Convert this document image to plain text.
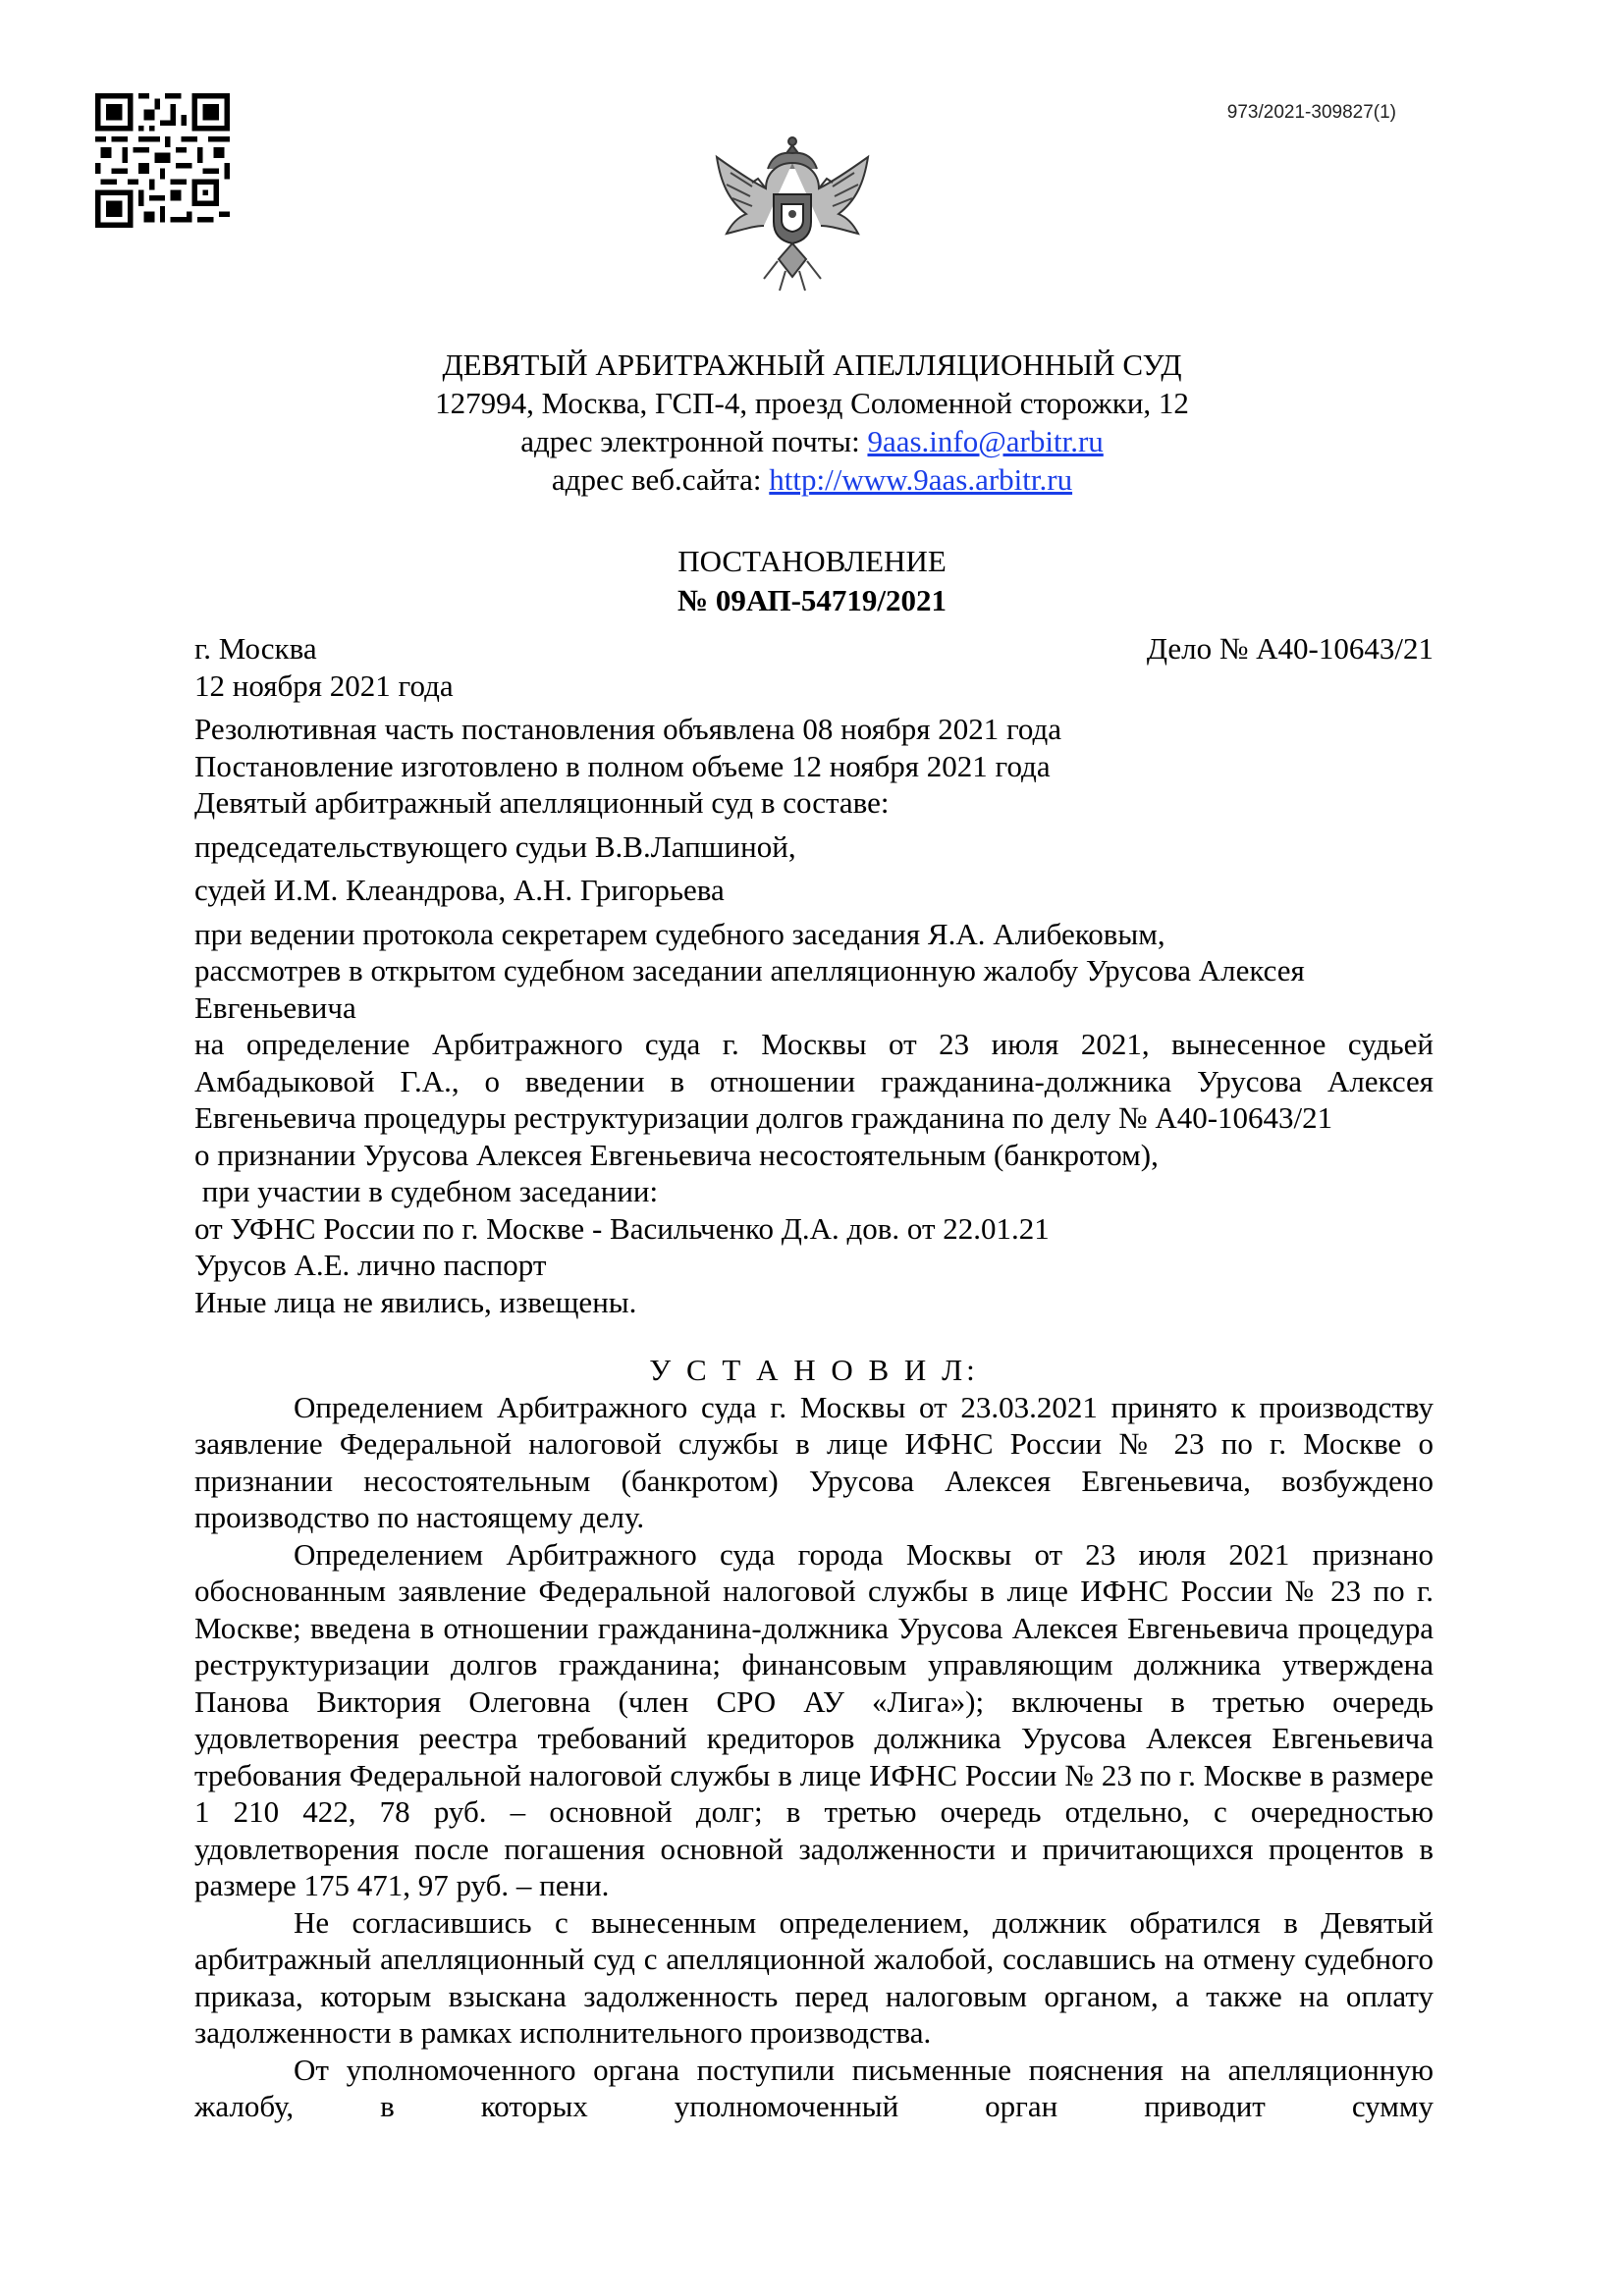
973/2021-309827(1)
ДЕВЯТЫЙ АРБИТРАЖНЫЙ АПЕЛЛЯЦИОННЫЙ СУД
127994, Москва, ГСП-4, проезд Соломенной сторожки, 12
адрес электронной почты: 9aas.info@arbitr.ru
адрес веб.сайта: http://www.9aas.arbitr.ru
ПОСТАНОВЛЕНИЕ
№ 09АП-54719/2021
г. Москва	Дело № А40-10643/21
12 ноября 2021 года
Резолютивная часть постановления объявлена 08 ноября 2021 года
Постановление изготовлено в полном объеме 12 ноября 2021 года
Девятый арбитражный апелляционный суд в составе:
председательствующего судьи В.В.Лапшиной,
судей И.М. Клеандрова, А.Н. Григорьева
при ведении протокола секретарем судебного заседания Я.А. Алибековым,
рассмотрев в открытом судебном заседании апелляционную жалобу Урусова Алексея Евгеньевича
на определение Арбитражного суда г. Москвы от 23 июля 2021, вынесенное судьей Амбадыковой Г.А., о введении в отношении гражданина-должника Урусова Алексея Евгеньевича процедуры реструктуризации долгов гражданина по делу № А40-10643/21
о признании Урусова Алексея Евгеньевича несостоятельным (банкротом),
при участии в судебном заседании:
от УФНС России по г. Москве - Васильченко Д.А. дов. от 22.01.21
Урусов А.Е. лично паспорт
Иные лица не явились, извещены.
У С Т А Н О В И Л:
Определением Арбитражного суда г. Москвы от 23.03.2021 принято к производству заявление Федеральной налоговой службы в лице ИФНС России № 23 по г. Москве о признании несостоятельным (банкротом) Урусова Алексея Евгеньевича, возбуждено производство по настоящему делу.
Определением Арбитражного суда города Москвы от 23 июля 2021 признано обоснованным заявление Федеральной налоговой службы в лице ИФНС России № 23 по г. Москве; введена в отношении гражданина-должника Урусова Алексея Евгеньевича процедура реструктуризации долгов гражданина; финансовым управляющим должника утверждена Панова Виктория Олеговна (член СРО АУ «Лига»); включены в третью очередь удовлетворения реестра требований кредиторов должника Урусова Алексея Евгеньевича требования Федеральной налоговой службы в лице ИФНС России № 23 по г. Москве в размере 1 210 422, 78 руб. – основной долг; в третью очередь отдельно, с очередностью удовлетворения после погашения основной задолженности и причитающихся процентов в размере 175 471, 97 руб. – пени.
Не согласившись с вынесенным определением, должник обратился в Девятый арбитражный апелляционный суд с апелляционной жалобой, сославшись на отмену судебного приказа, которым взыскана задолженность перед налоговым органом, а также на оплату задолженности в рамках исполнительного производства.
От уполномоченного органа поступили письменные пояснения на апелляционную жалобу, в которых уполномоченный орган приводит сумму
